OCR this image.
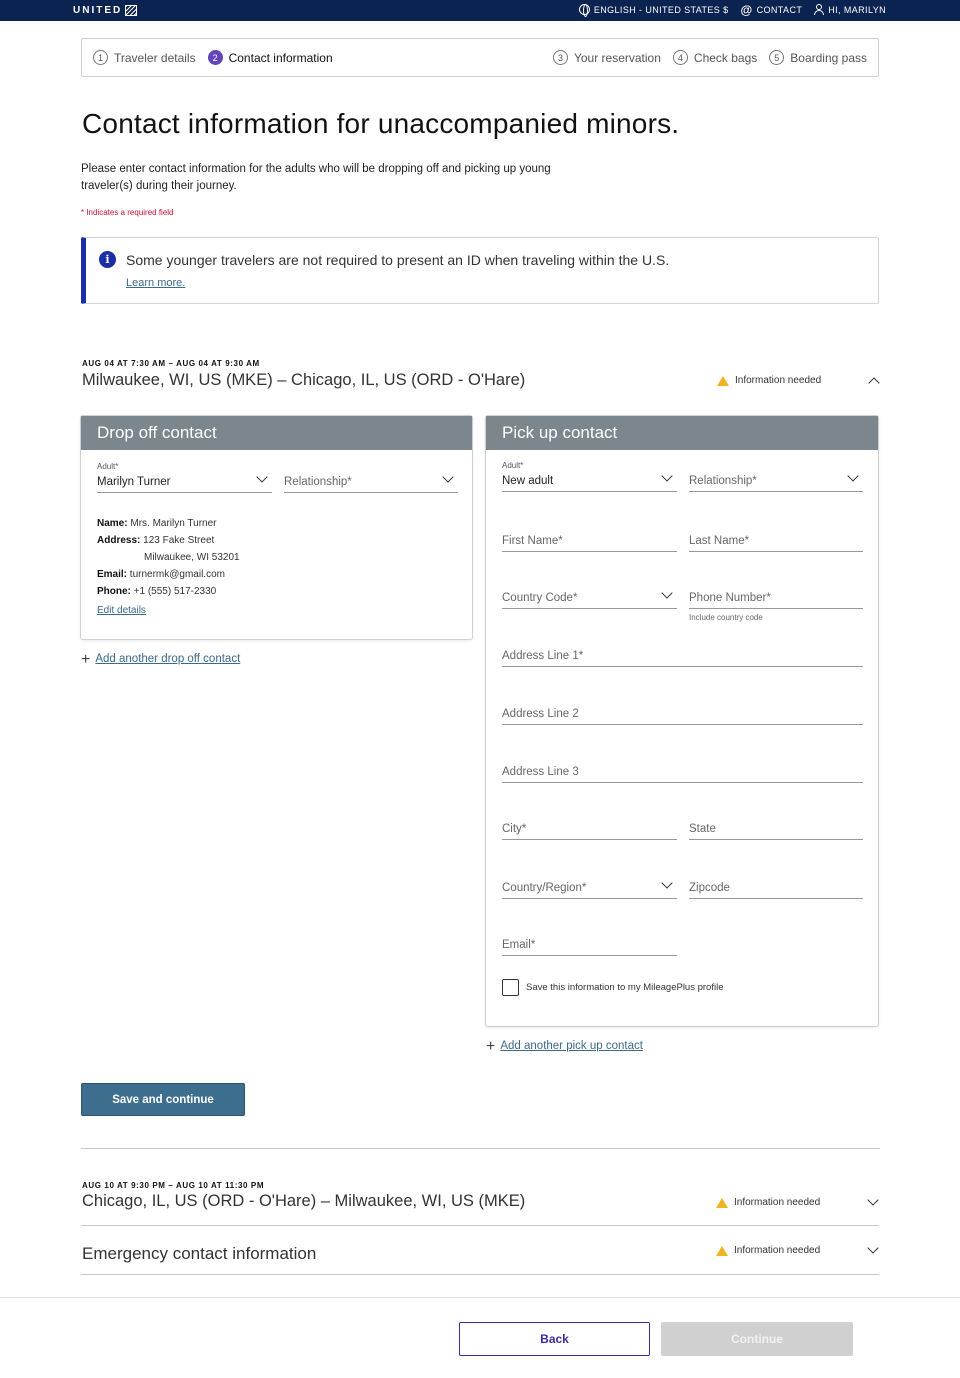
UNITED	ENGLISH - UNITED STATES $ @ CONTACT	HI, MARILYN
1 Traveler details	2 Contact information	3 Your reservation	4 Check bags	5 Boarding pass
Contact information for unaccompanied minors.

Please enter contact information for the adults who will be dropping off and picking up young traveler(s) during their journey.

* Indicates a required field

i	Some younger travelers are not required to present an ID when traveling within the U.S.
Learn more.
AUG 04 AT 7:30 AM – AUG 04 AT 9:30 AM
Milwaukee, WI, US (MKE) – Chicago, IL, US (ORD - O'Hare)	Information needed
Drop off contact
Adult*
Marilyn Turner	Relationship*
Name: Mrs. Marilyn Turner
Address: 123 Fake Street
Milwaukee, WI 53201
Email: turnermk@gmail.com
Phone: +1 (555) 517-2330
Edit details
+ Add another drop off contact
Pick up contact
Adult*
New adult	Relationship*
First Name*	Last Name*
Country Code*	Phone Number*
Include country code
Address Line 1*
Address Line 2
Address Line 3
City*	State
Country/Region*	Zipcode
Email*
Save this information to my MileagePlus profile
+ Add another pick up contact
Save and continue
AUG 10 AT 9:30 PM – AUG 10 AT 11:30 PM
Chicago, IL, US (ORD - O'Hare) – Milwaukee, WI, US (MKE)	Information needed
Emergency contact information	Information needed
Back	Continue
